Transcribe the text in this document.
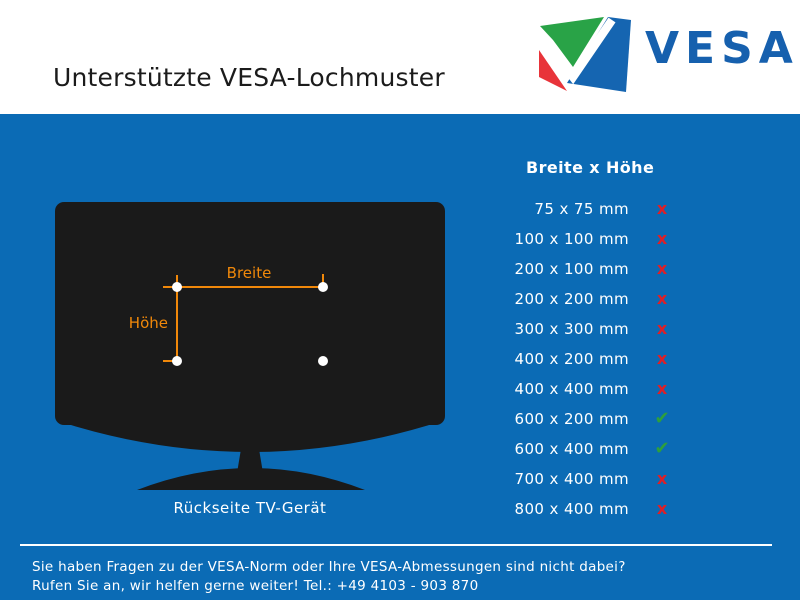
Unterstützte VESA-Lochmuster
VESA
Breite
Höhe
Rückseite TV-Gerät
Breite x Höhe
75 x 75 mm	x
100 x 100 mm	x
200 x 100 mm	x
200 x 200 mm	x
300 x 300 mm	x
400 x 200 mm	x
400 x 400 mm	x
600 x 200 mm	✔
600 x 400 mm	✔
700 x 400 mm	x
800 x 400 mm	x
Sie haben Fragen zu der VESA-Norm oder Ihre VESA-Abmessungen sind nicht dabei?
Rufen Sie an, wir helfen gerne weiter! Tel.: +49 4103 - 903 870
